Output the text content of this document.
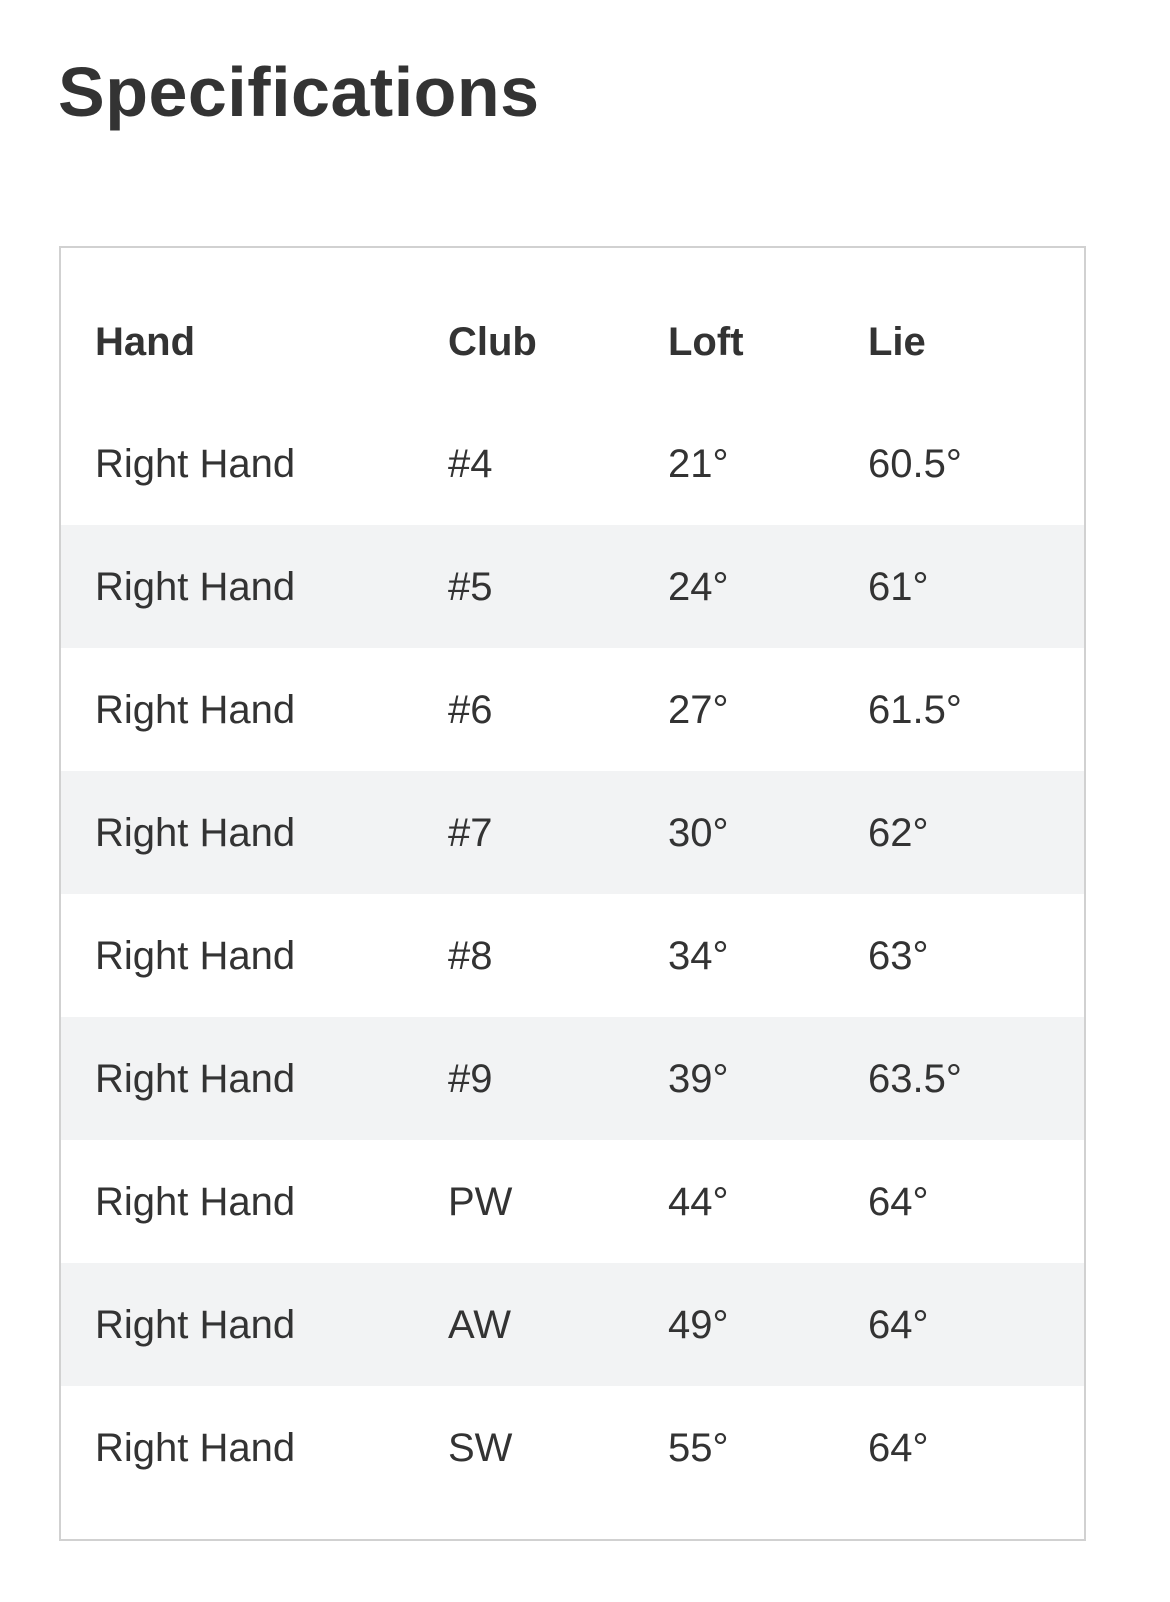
Specifications
Hand	Club	Loft	Lie
Right Hand	#4	21°	60.5°
Right Hand	#5	24°	61°
Right Hand	#6	27°	61.5°
Right Hand	#7	30°	62°
Right Hand	#8	34°	63°
Right Hand	#9	39°	63.5°
Right Hand	PW	44°	64°
Right Hand	AW	49°	64°
Right Hand	SW	55°	64°
